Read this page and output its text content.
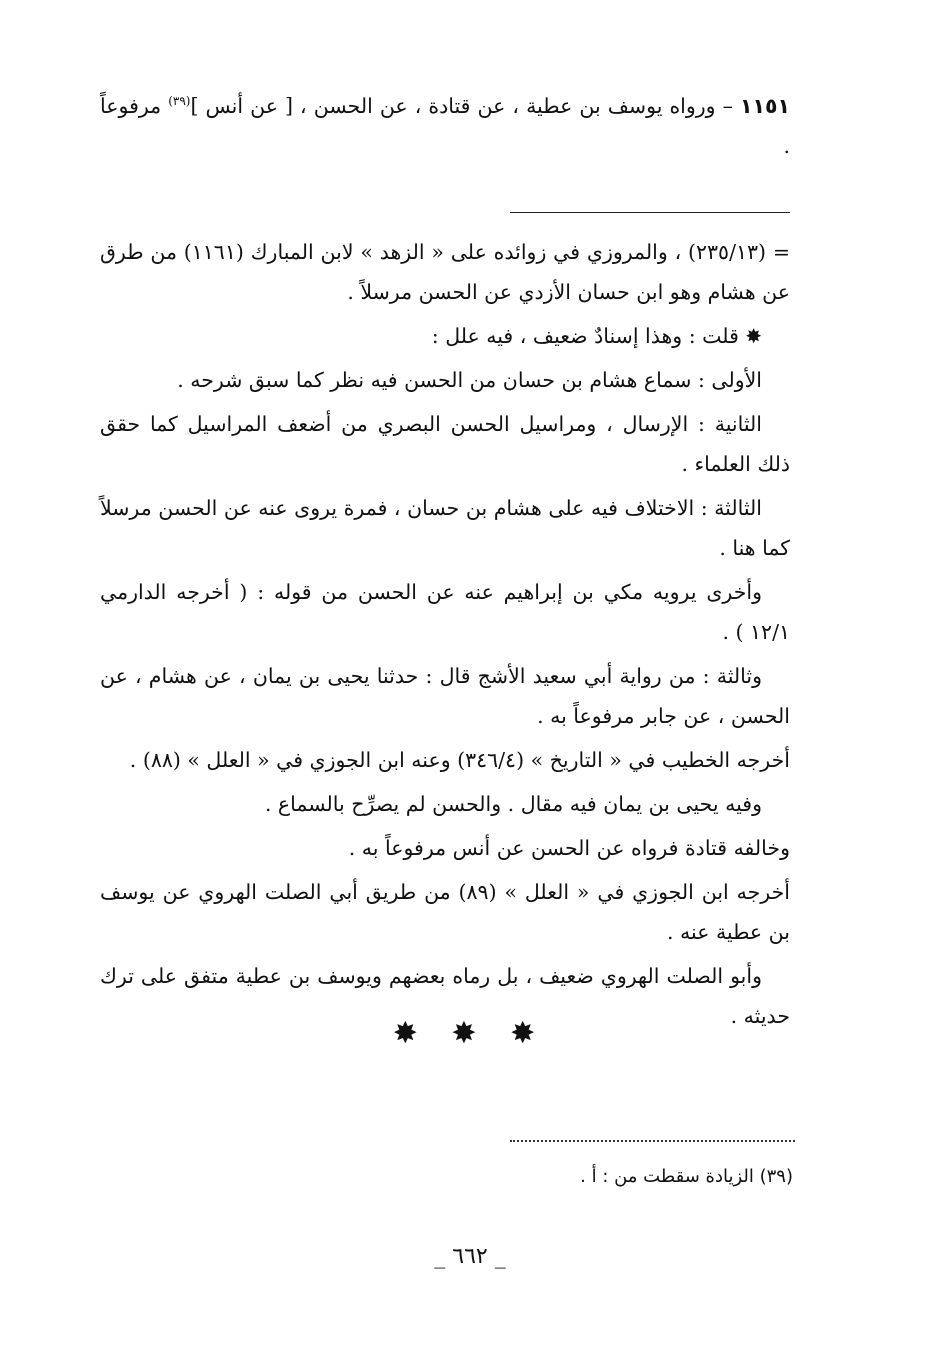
١١٥١ – ورواه يوسف بن عطية ، عن قتادة ، عن الحسن ، [ عن أنس ]$^{(٣٩)}$ مرفوعاً .
= (٢٣٥/١٣) ، والمروزي في زوائده على « الزهد » لابن المبارك (١١٦١) من طرق عن هشام وهو ابن حسان الأزدي عن الحسن مرسلاً .
✸ قلت : وهذا إسنادٌ ضعيف ، فيه علل :
الأولى : سماع هشام بن حسان من الحسن فيه نظر كما سبق شرحه .
الثانية : الإرسال ، ومراسيل الحسن البصري من أضعف المراسيل كما حقق ذلك العلماء .
الثالثة : الاختلاف فيه على هشام بن حسان ، فمرة يروى عنه عن الحسن مرسلاً كما هنا .
وأخرى يرويه مكي بن إبراهيم عنه عن الحسن من قوله : ( أخرجه الدارمي ١٢/١ ) .
وثالثة : من رواية أبي سعيد الأشج قال : حدثنا يحيى بن يمان ، عن هشام ، عن الحسن ، عن جابر مرفوعاً به .
أخرجه الخطيب في « التاريخ » (٣٤٦/٤) وعنه ابن الجوزي في « العلل » (٨٨) .
وفيه يحيى بن يمان فيه مقال . والحسن لم يصرِّح بالسماع .
وخالفه قتادة فرواه عن الحسن عن أنس مرفوعاً به .
أخرجه ابن الجوزي في « العلل » (٨٩) من طريق أبي الصلت الهروي عن يوسف بن عطية عنه .
وأبو الصلت الهروي ضعيف ، بل رماه بعضهم ويوسف بن عطية متفق على ترك حديثه .
✸ ✸ ✸
(٣٩) الزيادة سقطت من : أ .
_ ٦٦٢ _
